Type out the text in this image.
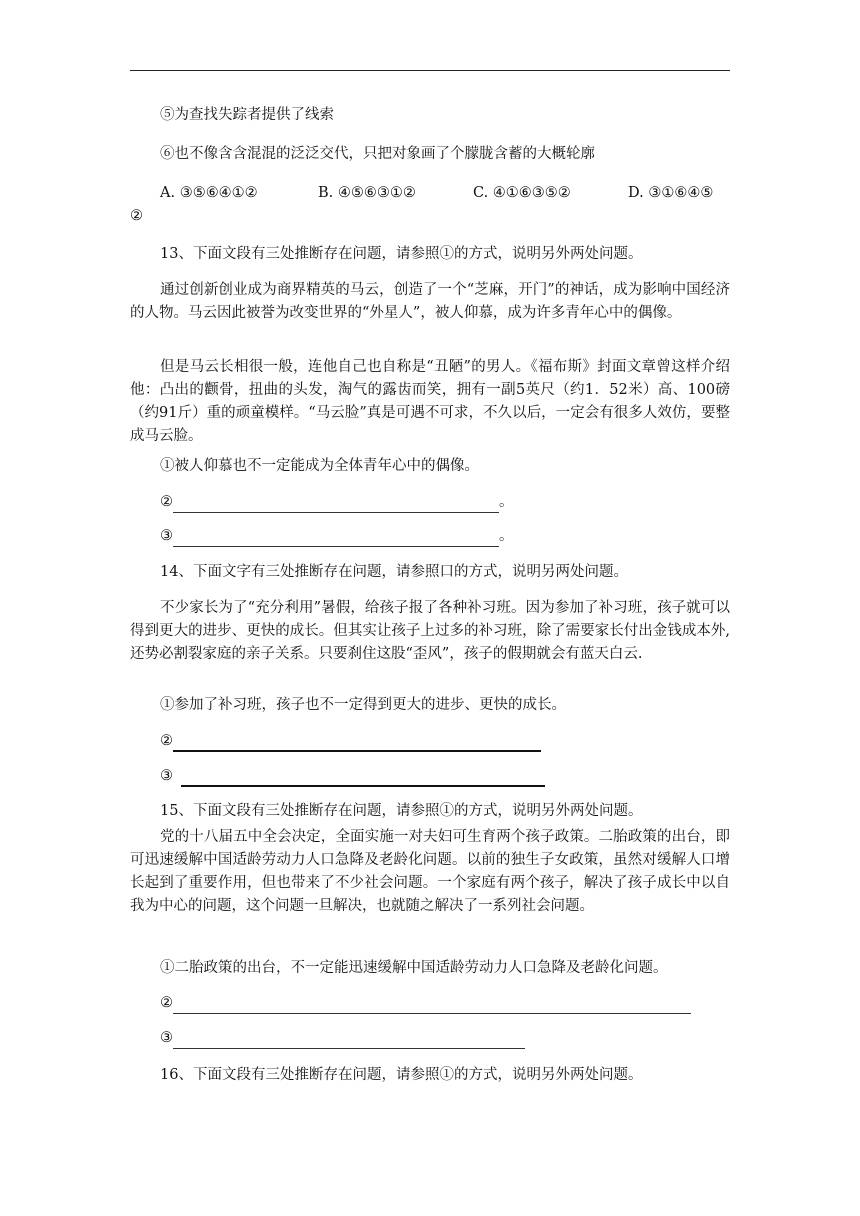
⑤为查找失踪者提供了线索
⑥也不像含含混混的泛泛交代，只把对象画了个朦胧含蓄的大概轮廓
A. ③⑤⑥④①②	B. ④⑤⑥③①②	C. ④①⑥③⑤②	D. ③①⑥④⑤
②
13、下面文段有三处推断存在问题，请参照①的方式，说明另外两处问题。
通过创新创业成为商界精英的马云，创造了一个“芝麻，开门”的神话，成为影响中国经济的人物。马云因此被誉为改变世界的“外星人”，被人仰慕，成为许多青年心中的偶像。
但是马云长相很一般，连他自己也自称是“丑陋”的男人。《福布斯》封面文章曾这样介绍他：凸出的颧骨，扭曲的头发，淘气的露齿而笑，拥有一副5英尺（约1．52米）高、100磅（约91斤）重的顽童模样。“马云脸”真是可遇不可求，不久以后，一定会有很多人效仿，要整成马云脸。
①被人仰慕也不一定能成为全体青年心中的偶像。
②	。
③	。
14、下面文字有三处推断存在问题，请参照口的方式，说明另两处问题。
不少家长为了“充分利用”暑假，给孩子报了各种补习班。因为参加了补习班，孩子就可以得到更大的进步、更快的成长。但其实让孩子上过多的补习班，除了需要家长付出金钱成本外,还势必割裂家庭的亲子关系。只要刹住这股“歪风”，孩子的假期就会有蓝天白云.
①参加了补习班，孩子也不一定得到更大的进步、更快的成长。
②
③
15、下面文段有三处推断存在问题，请参照①的方式，说明另外两处问题。
党的十八届五中全会决定，全面实施一对夫妇可生育两个孩子政策。二胎政策的出台，即可迅速缓解中国适龄劳动力人口急降及老龄化问题。以前的独生子女政策，虽然对缓解人口增长起到了重要作用，但也带来了不少社会问题。一个家庭有两个孩子，解决了孩子成长中以自我为中心的问题，这个问题一旦解决，也就随之解决了一系列社会问题。
①二胎政策的出台，不一定能迅速缓解中国适龄劳动力人口急降及老龄化问题。
②
③
16、下面文段有三处推断存在问题，请参照①的方式，说明另外两处问题。
